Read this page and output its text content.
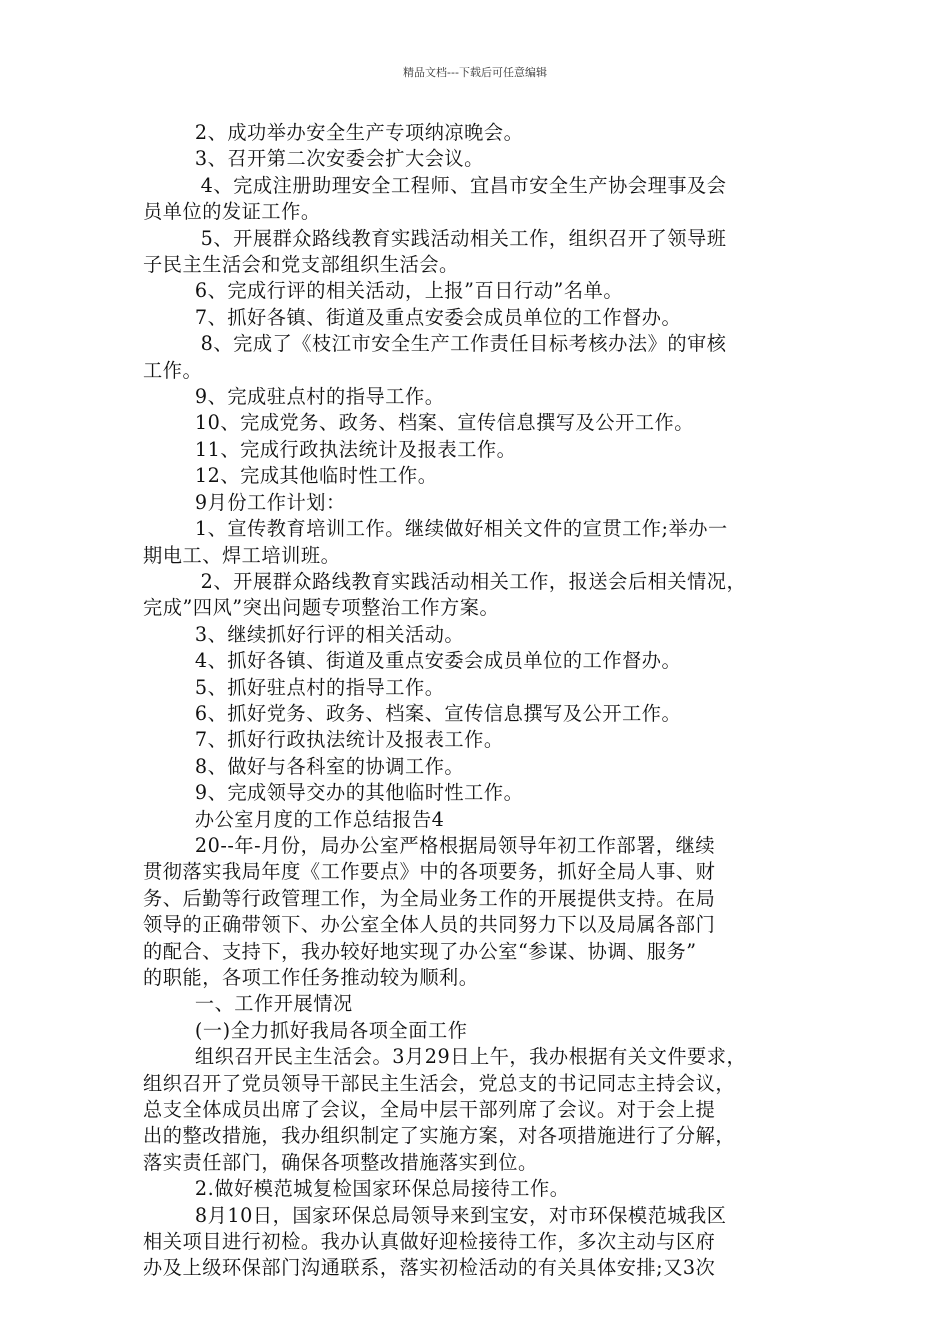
精品文档---下载后可任意编辑

2、成功举办安全生产专项纳凉晚会。

3、召开第二次安委会扩大会议。

4、完成注册助理安全工程师、宜昌市安全生产协会理事及会

员单位的发证工作。

5、开展群众路线教育实践活动相关工作，组织召开了领导班

子民主生活会和党支部组织生活会。

6、完成行评的相关活动，上报”百日行动”名单。

7、抓好各镇、街道及重点安委会成员单位的工作督办。

8、完成了《枝江市安全生产工作责任目标考核办法》的审核

工作。

9、完成驻点村的指导工作。

10、完成党务、政务、档案、宣传信息撰写及公开工作。

11、完成行政执法统计及报表工作。

12、完成其他临时性工作。

9月份工作计划：

1、宣传教育培训工作。继续做好相关文件的宣贯工作;举办一

期电工、焊工培训班。

2、开展群众路线教育实践活动相关工作，报送会后相关情况，

完成”四风”突出问题专项整治工作方案。

3、继续抓好行评的相关活动。

4、抓好各镇、街道及重点安委会成员单位的工作督办。

5、抓好驻点村的指导工作。

6、抓好党务、政务、档案、宣传信息撰写及公开工作。

7、抓好行政执法统计及报表工作。

8、做好与各科室的协调工作。

9、完成领导交办的其他临时性工作。

办公室月度的工作总结报告4

20--年-月份，局办公室严格根据局领导年初工作部署，继续

贯彻落实我局年度《工作要点》中的各项要务，抓好全局人事、财

务、后勤等行政管理工作，为全局业务工作的开展提供支持。在局

领导的正确带领下、办公室全体人员的共同努力下以及局属各部门

的配合、支持下，我办较好地实现了办公室“参谋、协调、服务”

的职能，各项工作任务推动较为顺利。

一、工作开展情况

(一)全力抓好我局各项全面工作

组织召开民主生活会。3月29日上午，我办根据有关文件要求，

组织召开了党员领导干部民主生活会，党总支的书记同志主持会议，

总支全体成员出席了会议，全局中层干部列席了会议。对于会上提

出的整改措施，我办组织制定了实施方案，对各项措施进行了分解，

落实责任部门，确保各项整改措施落实到位。

2.做好模范城复检国家环保总局接待工作。

8月10日，国家环保总局领导来到宝安，对市环保模范城我区

相关项目进行初检。我办认真做好迎检接待工作，多次主动与区府

办及上级环保部门沟通联系，落实初检活动的有关具体安排;又3次
